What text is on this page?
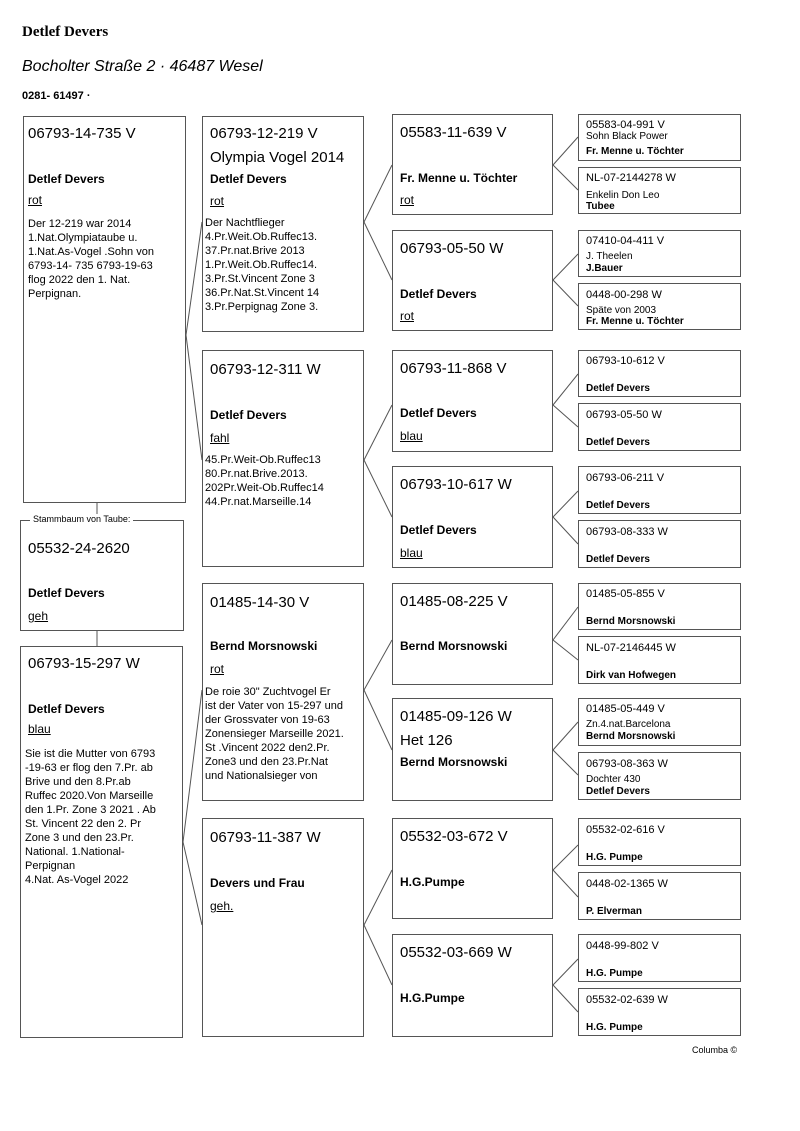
Detlef Devers
Bocholter Straße 2 · 46487 Wesel
0281- 61497 ·
06793-14-735 V
Detlef Devers
rot
Der 12-219 war 2014
1.Nat.Olympiataube u.
1.Nat.As-Vogel .Sohn von
6793-14- 735 6793-19-63
flog 2022 den 1. Nat.
Perpignan.
05532-24-2620
Detlef Devers
geh
Stammbaum von Taube:
06793-15-297 W
Detlef Devers
blau
Sie ist die Mutter von 6793
-19-63 er flog den 7.Pr. ab
Brive und den 8.Pr.ab
Ruffec 2020.Von Marseille
den 1.Pr. Zone 3 2021 . Ab
St. Vincent 22 den 2. Pr
Zone 3 und den 23.Pr.
National. 1.National-
Perpignan
4.Nat. As-Vogel 2022
06793-12-219 V
Olympia Vogel 2014
Detlef Devers
rot
Der Nachtflieger
4.Pr.Weit.Ob.Ruffec13.
37.Pr.nat.Brive 2013
1.Pr.Weit.Ob.Ruffec14.
3.Pr.St.Vincent Zone 3
36.Pr.Nat.St.Vincent 14
3.Pr.Perpignag Zone 3.
06793-12-311 W
Detlef Devers
fahl
45.Pr.Weit-Ob.Ruffec13
80.Pr.nat.Brive.2013.
202Pr.Weit-Ob.Ruffec14
44.Pr.nat.Marseille.14
01485-14-30 V
Bernd Morsnowski
rot
De roie 30" Zuchtvogel Er
ist der Vater von 15-297 und
der Grossvater von 19-63
Zonensieger Marseille 2021.
St .Vincent 2022 den2.Pr.
Zone3 und den 23.Pr.Nat
und Nationalsieger von
06793-11-387 W
Devers und Frau
geh.
05583-11-639 V
Fr. Menne u. Töchter
rot
06793-05-50 W
Detlef Devers
rot
06793-11-868 V
Detlef Devers
blau
06793-10-617 W
Detlef Devers
blau
01485-08-225 V
Bernd Morsnowski
01485-09-126 W
Het 126
Bernd Morsnowski
05532-03-672 V
H.G.Pumpe
05532-03-669 W
H.G.Pumpe
05583-04-991 V
Sohn Black Power
Fr. Menne u. Töchter
NL-07-2144278 W
Enkelin Don Leo
Tubee
07410-04-411 V
J. Theelen
J.Bauer
0448-00-298 W
Späte von 2003
Fr. Menne u. Töchter
06793-10-612 V
Detlef Devers
06793-05-50 W
Detlef Devers
06793-06-211 V
Detlef Devers
06793-08-333 W
Detlef Devers
01485-05-855 V
Bernd Morsnowski
NL-07-2146445 W
Dirk van Hofwegen
01485-05-449 V
Zn.4.nat.Barcelona
Bernd Morsnowski
06793-08-363 W
Dochter 430
Detlef Devers
05532-02-616 V
H.G. Pumpe
0448-02-1365 W
P. Elverman
0448-99-802 V
H.G. Pumpe
05532-02-639 W
H.G. Pumpe
Columba ©
